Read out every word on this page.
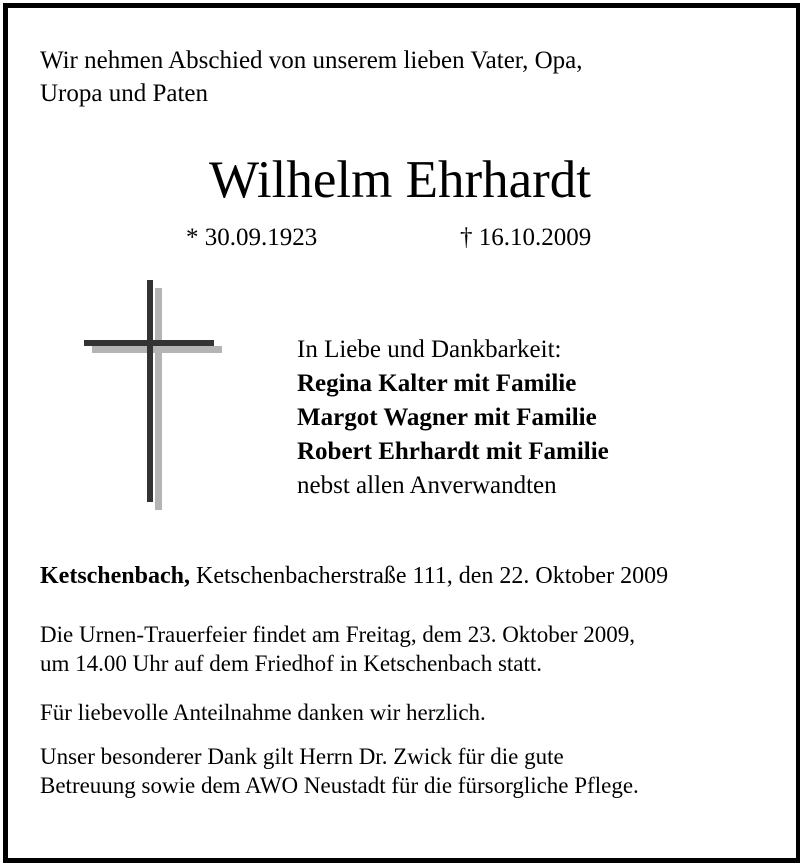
Wir nehmen Abschied von unserem lieben Vater, Opa,
Uropa und Paten
Wilhelm Ehrhardt
* 30.09.1923	† 16.10.2009
In Liebe und Dankbarkeit:
Regina Kalter mit Familie
Margot Wagner mit Familie
Robert Ehrhardt mit Familie
nebst allen Anverwandten
Ketschenbach, Ketschenbacherstraße 111, den 22. Oktober 2009
Die Urnen-Trauerfeier findet am Freitag, dem 23. Oktober 2009,
um 14.00 Uhr auf dem Friedhof in Ketschenbach statt.
Für liebevolle Anteilnahme danken wir herzlich.
Unser besonderer Dank gilt Herrn Dr. Zwick für die gute
Betreuung sowie dem AWO Neustadt für die fürsorgliche Pflege.
